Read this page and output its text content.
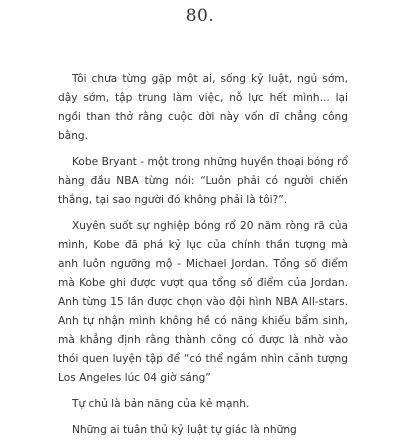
80.

Tôi chưa từng gặp một ai, sống kỷ luật, ngủ sớm, dậy sớm, tập trung làm việc, nỗ lực hết mình... lại ngồi than thở rằng cuộc đời này vốn dĩ chẳng công bằng.

Kobe Bryant - một trong những huyền thoại bóng rổ hàng đầu NBA từng nói: “Luôn phải có người chiến thắng, tại sao người đó không phải là tôi?”.

Xuyên suốt sự nghiệp bóng rổ 20 năm ròng rã của mình, Kobe đã phá kỷ lục của chính thần tượng mà anh luôn ngưỡng mộ - Michael Jordan. Tổng số điểm mà Kobe ghi được vượt qua tổng số điểm của Jordan. Anh từng 15 lần được chọn vào đội hình NBA All-stars. Anh tự nhận mình không hề có năng khiếu bẩm sinh, mà khẳng định rằng thành công có được là nhờ vào thói quen luyện tập để “có thể ngắm nhìn cảnh tượng Los Angeles lúc 04 giờ sáng”

Tự chủ là bản năng của kẻ mạnh.

Những ai tuân thủ kỷ luật tự giác là những
